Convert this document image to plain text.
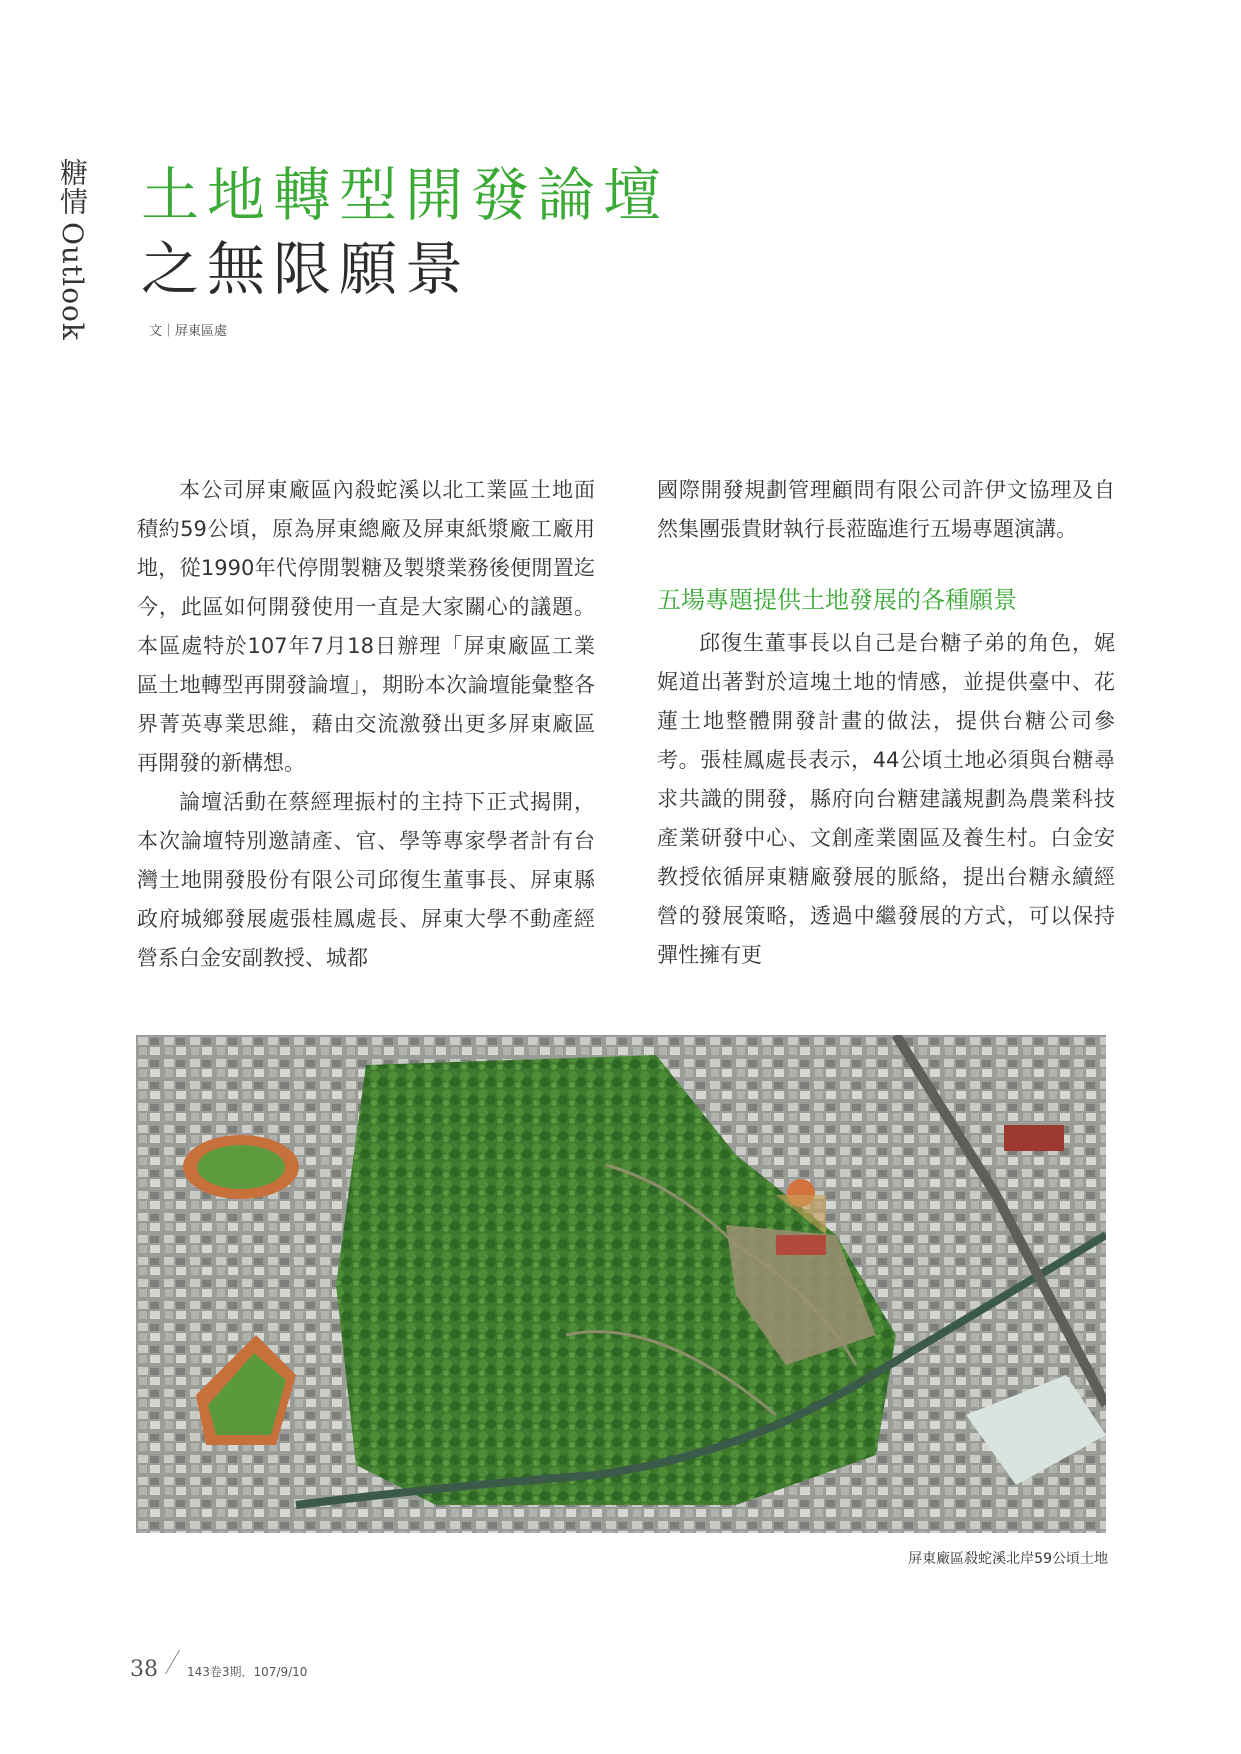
糖情Outlook
土地轉型開發論壇
之無限願景
文｜屏東區處

本公司屏東廠區內殺蛇溪以北工業區土地面積約59公頃，原為屏東總廠及屏東紙漿廠工廠用地，從1990年代停閒製糖及製漿業務後便閒置迄今，此區如何開發使用一直是大家關心的議題。本區處特於107年7月18日辦理「屏東廠區工業區土地轉型再開發論壇」，期盼本次論壇能彙整各界菁英專業思維，藉由交流激發出更多屏東廠區再開發的新構想。

論壇活動在蔡經理振村的主持下正式揭開，本次論壇特別邀請產、官、學等專家學者計有台灣土地開發股份有限公司邱復生董事長、屏東縣政府城鄉發展處張桂鳳處長、屏東大學不動產經營系白金安副教授、城都

國際開發規劃管理顧問有限公司許伊文協理及自然集團張貴財執行長蒞臨進行五場專題演講。

五場專題提供土地發展的各種願景

邱復生董事長以自己是台糖子弟的角色，娓娓道出著對於這塊土地的情感，並提供臺中、花蓮土地整體開發計畫的做法，提供台糖公司參考。張桂鳳處長表示，44公頃土地必須與台糖尋求共識的開發，縣府向台糖建議規劃為農業科技產業研發中心、文創產業園區及養生村。白金安教授依循屏東糖廠發展的脈絡，提出台糖永續經營的發展策略，透過中繼發展的方式，可以保持彈性擁有更

屏東廠區殺蛇溪北岸59公頃土地
38 143卷3期．107/9/10
